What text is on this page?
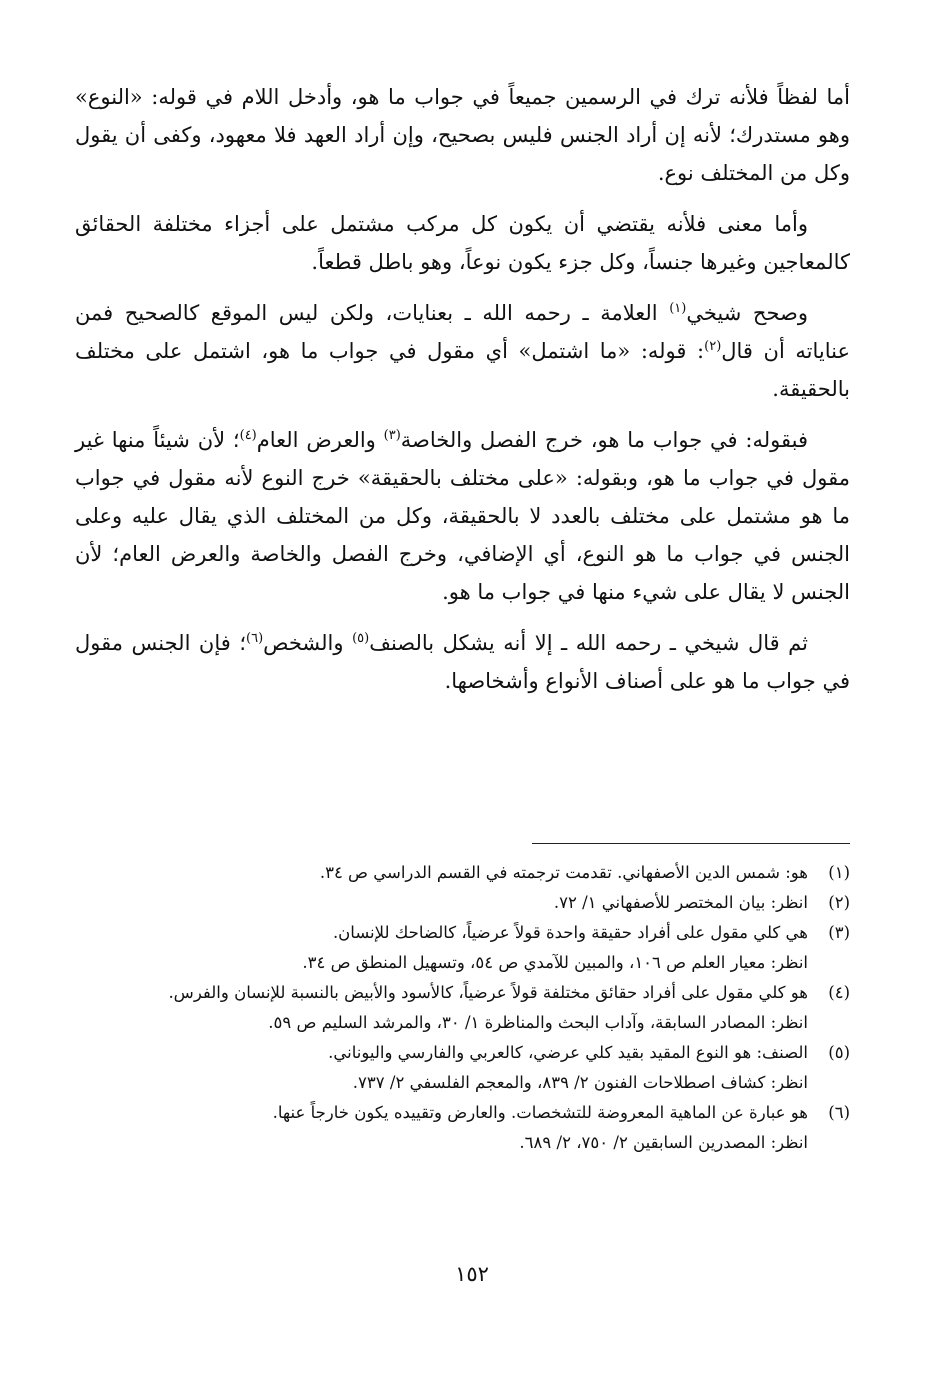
أما لفظاً فلأنه ترك في الرسمين جميعاً في جواب ما هو، وأدخل اللام في قوله: «النوع» وهو مستدرك؛ لأنه إن أراد الجنس فليس بصحيح، وإن أراد العهد فلا معهود، وكفى أن يقول وكل من المختلف نوع.

وأما معنى فلأنه يقتضي أن يكون كل مركب مشتمل على أجزاء مختلفة الحقائق كالمعاجين وغيرها جنساً، وكل جزء يكون نوعاً، وهو باطل قطعاً.

وصحح شيخي$^{(١)}$ العلامة ـ رحمه الله ـ بعنايات، ولكن ليس الموقع كالصحيح فمن عناياته أن قال$^{(٢)}$: قوله: «ما اشتمل» أي مقول في جواب ما هو، اشتمل على مختلف بالحقيقة.

فبقوله: في جواب ما هو، خرج الفصل والخاصة$^{(٣)}$ والعرض العام$^{(٤)}$؛ لأن شيئاً منها غير مقول في جواب ما هو، وبقوله: «على مختلف بالحقيقة» خرج النوع لأنه مقول في جواب ما هو مشتمل على مختلف بالعدد لا بالحقيقة، وكل من المختلف الذي يقال عليه وعلى الجنس في جواب ما هو النوع، أي الإضافي، وخرج الفصل والخاصة والعرض العام؛ لأن الجنس لا يقال على شيء منها في جواب ما هو.

ثم قال شيخي ـ رحمه الله ـ إلا أنه يشكل بالصنف$^{(٥)}$ والشخص$^{(٦)}$؛ فإن الجنس مقول في جواب ما هو على أصناف الأنواع وأشخاصها.

(١)
هو: شمس الدين الأصفهاني. تقدمت ترجمته في القسم الدراسي ص ٣٤.
(٢)
انظر: بيان المختصر للأصفهاني ١/ ٧٢.
(٣)
هي كلي مقول على أفراد حقيقة واحدة قولاً عرضياً، كالضاحك للإنسان.
انظر: معيار العلم ص ١٠٦، والمبين للآمدي ص ٥٤، وتسهيل المنطق ص ٣٤.
(٤)
هو كلي مقول على أفراد حقائق مختلفة قولاً عرضياً، كالأسود والأبيض بالنسبة للإنسان والفرس.
انظر: المصادر السابقة، وآداب البحث والمناظرة ١/ ٣٠، والمرشد السليم ص ٥٩.
(٥)
الصنف: هو النوع المقيد بقيد كلي عرضي، كالعربي والفارسي واليوناني.
انظر: كشاف اصطلاحات الفنون ٢/ ٨٣٩، والمعجم الفلسفي ٢/ ٧٣٧.
(٦)
هو عبارة عن الماهية المعروضة للتشخصات. والعارض وتقييده يكون خارجاً عنها.
انظر: المصدرين السابقين ٢/ ٧٥٠، ٢/ ٦٨٩.
١٥٢
